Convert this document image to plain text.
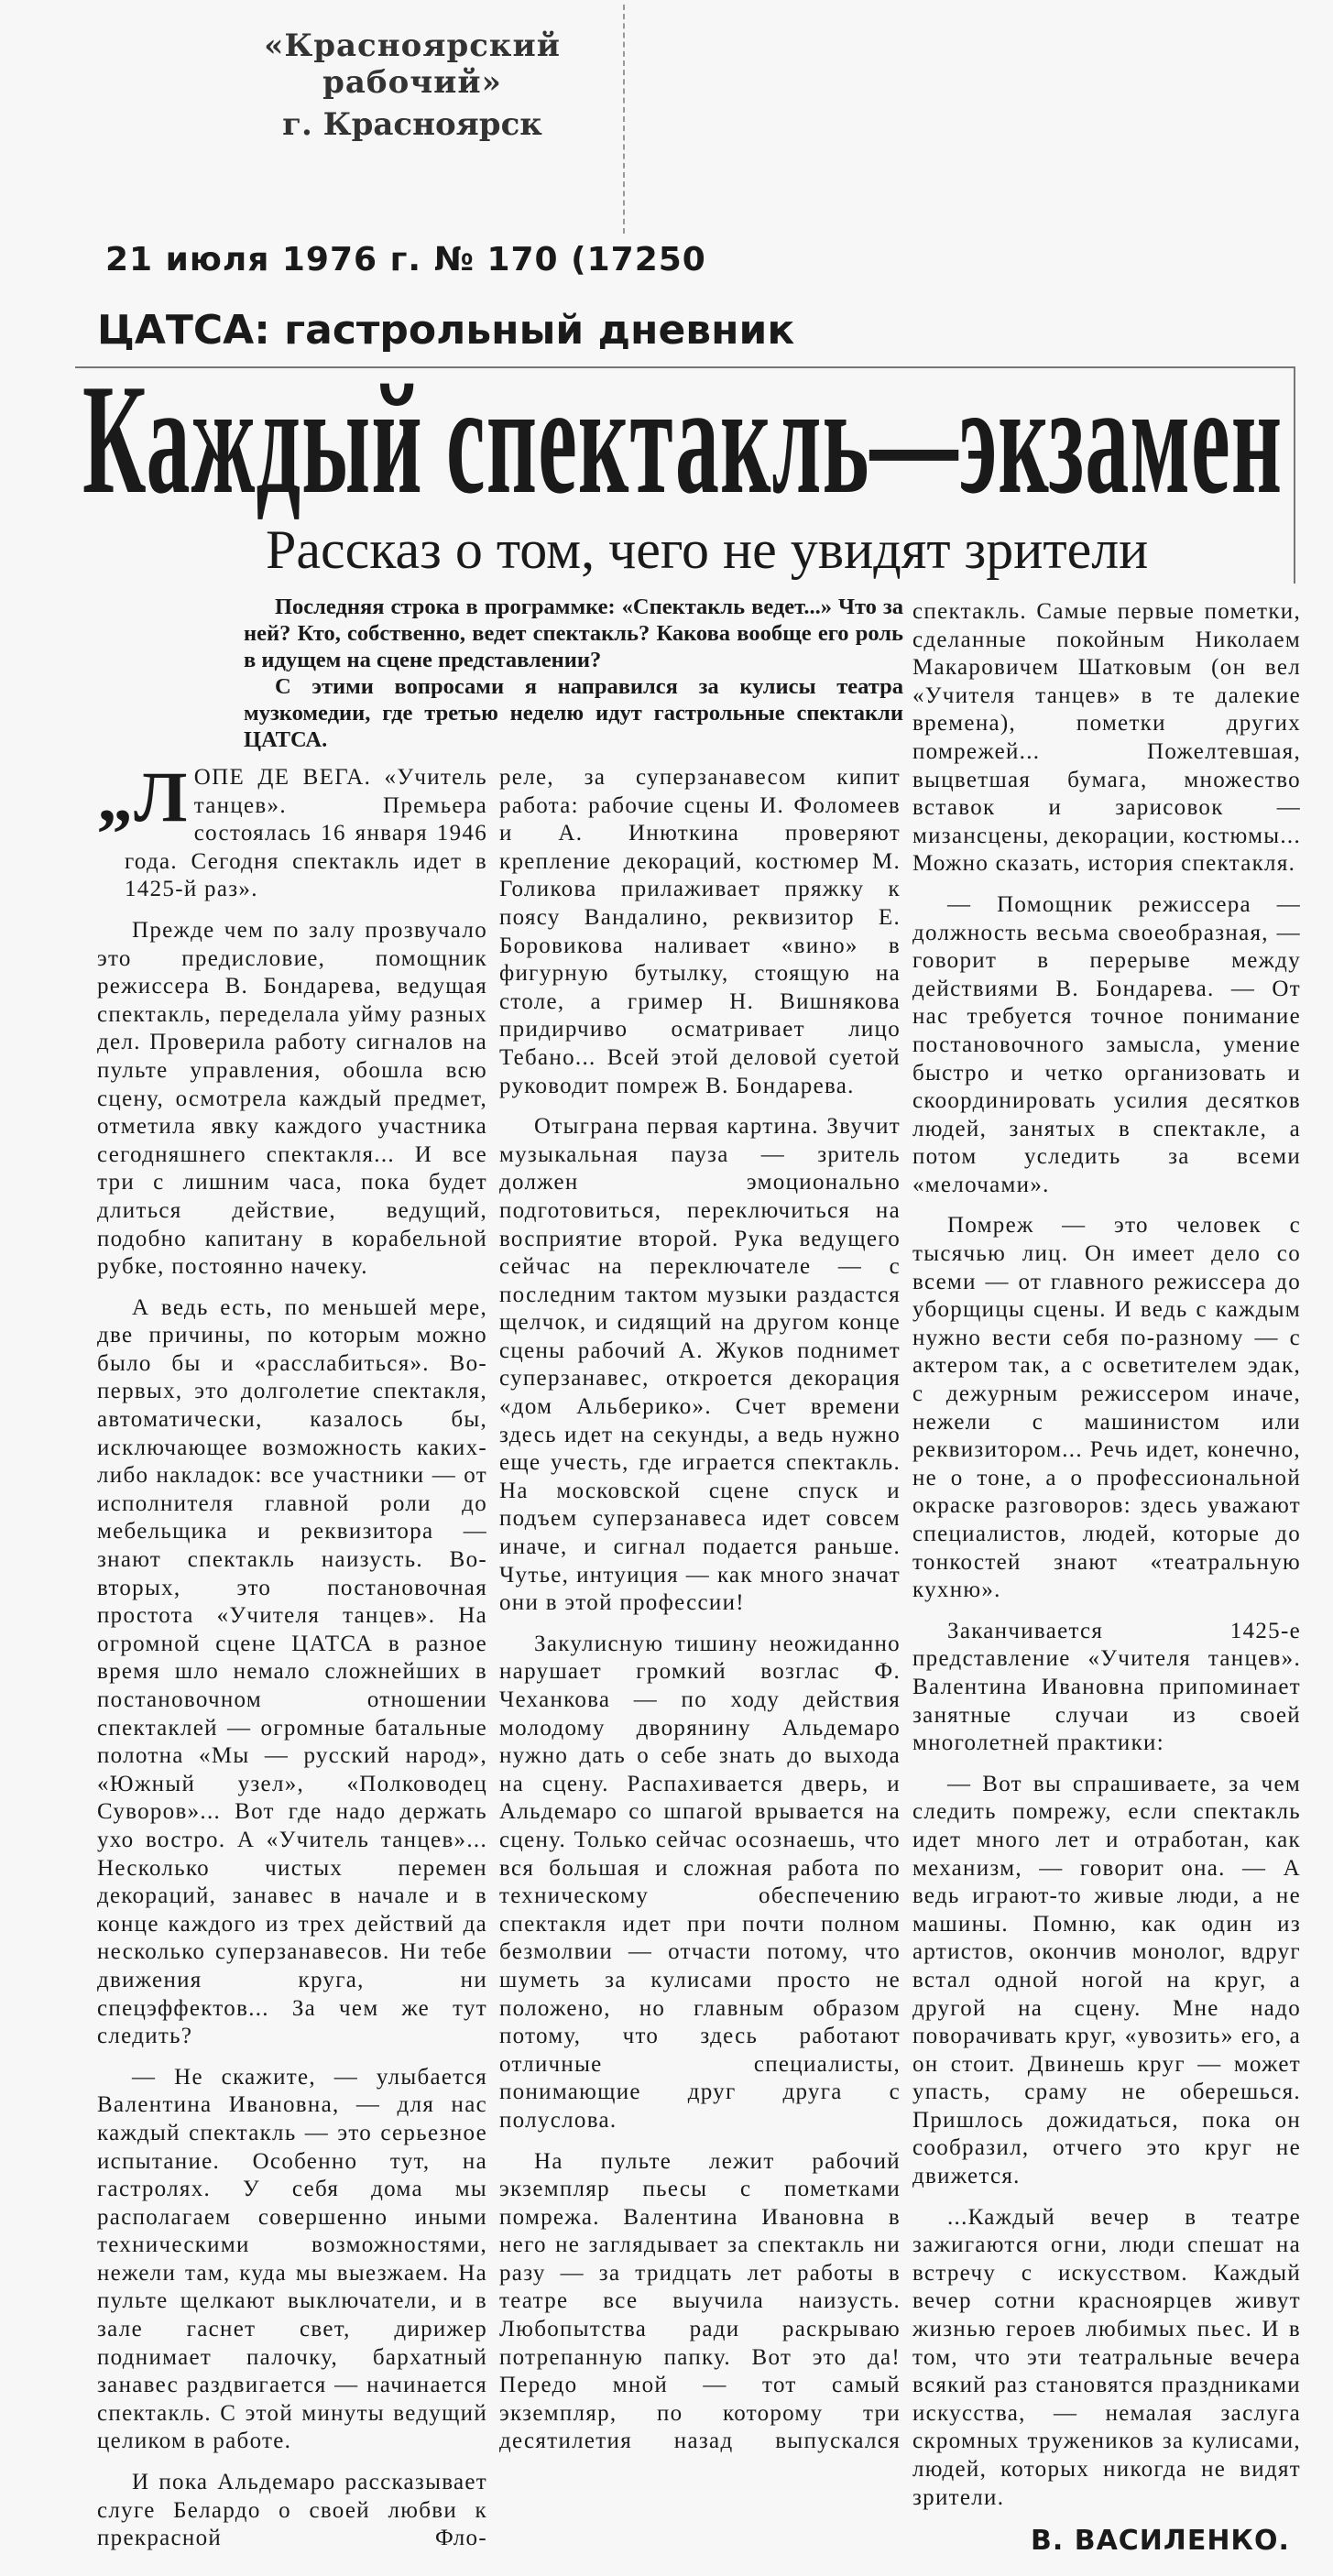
«Красноярский рабочий»
г. Красноярск
21 июля 1976 г. № 170 (17250
ЦАТСА: гастрольный дневник
Каждый спектакль—экзамен
Рассказ о том, чего не увидят зрители

Последняя строка в программке: «Спектакль ведет...» Что за ней? Кто, собственно, ведет спектакль? Какова вообще его роль в идущем на сцене представлении?

С этими вопросами я направился за кулисы театра музкомедии, где третью неделю идут гастрольные спектакли ЦАТСА.

„ЛОПЕ ДЕ ВЕГА. «Учитель танцев». Премьера состоялась 16 января 1946 года. Сегодня спектакль идет в 1425-й раз».

Прежде чем по залу прозвучало это предисловие, помощник режиссера В. Бондарева, ведущая спектакль, переделала уйму разных дел. Проверила работу сигналов на пульте управления, обошла всю сцену, осмотрела каждый предмет, отметила явку каждого участника сегодняшнего спектакля... И все три с лишним часа, пока будет длиться действие, ведущий, подобно капитану в корабельной рубке, постоянно начеку.

А ведь есть, по меньшей мере, две причины, по которым можно было бы и «расслабиться». Во-первых, это долголетие спектакля, автоматически, казалось бы, исключающее возможность каких-либо накладок: все участники — от исполнителя главной роли до мебельщика и реквизитора — знают спектакль наизусть. Во-вторых, это постановочная простота «Учителя танцев». На огромной сцене ЦАТСА в разное время шло немало сложнейших в постановочном отношении спектаклей — огромные батальные полотна «Мы — русский народ», «Южный узел», «Полководец Суворов»... Вот где надо держать ухо востро. А «Учитель танцев»... Несколько чистых перемен декораций, занавес в начале и в конце каждого из трех действий да несколько суперзанавесов. Ни тебе движения круга, ни спецэффектов... За чем же тут следить?

— Не скажите, — улыбается Валентина Ивановна, — для нас каждый спектакль — это серьезное испытание. Особенно тут, на гастролях. У себя дома мы располагаем совершенно иными техническими возможностями, нежели там, куда мы выезжаем. На пульте щелкают выключатели, и в зале гаснет свет, дирижер поднимает палочку, бархатный занавес раздвигается — начинается спектакль. С этой минуты ведущий целиком в работе.

И пока Альдемаро рассказывает слуге Белардо о своей любви к прекрасной Фло-

реле, за суперзанавесом кипит работа: рабочие сцены И. Фоломеев и А. Инюткина проверяют крепление декораций, костюмер М. Голикова прилаживает пряжку к поясу Вандалино, реквизитор Е. Боровикова наливает «вино» в фигурную бутылку, стоящую на столе, а гример Н. Вишнякова придирчиво осматривает лицо Тебано... Всей этой деловой суетой руководит помреж В. Бондарева.

Отыграна первая картина. Звучит музыкальная пауза — зритель должен эмоционально подготовиться, переключиться на восприятие второй. Рука ведущего сейчас на переключателе — с последним тактом музыки раздастся щелчок, и сидящий на другом конце сцены рабочий А. Жуков поднимет суперзанавес, откроется декорация «дом Альберико». Счет времени здесь идет на секунды, а ведь нужно еще учесть, где играется спектакль. На московской сцене спуск и подъем суперзанавеса идет совсем иначе, и сигнал подается раньше. Чутье, интуиция — как много значат они в этой профессии!

Закулисную тишину неожиданно нарушает громкий возглас Ф. Чеханкова — по ходу действия молодому дворянину Альдемаро нужно дать о себе знать до выхода на сцену. Распахивается дверь, и Альдемаро со шпагой врывается на сцену. Только сейчас осознаешь, что вся большая и сложная работа по техническому обеспечению спектакля идет при почти полном безмолвии — отчасти потому, что шуметь за кулисами просто не положено, но главным образом потому, что здесь работают отличные специалисты, понимающие друг друга с полуслова.

На пульте лежит рабочий экземпляр пьесы с пометками помрежа. Валентина Ивановна в него не заглядывает за спектакль ни разу — за тридцать лет работы в театре все выучила наизусть. Любопытства ради раскрываю потрепанную папку. Вот это да! Передо мной — тот самый экземпляр, по которому три десятилетия назад выпускался

спектакль. Самые первые пометки, сделанные покойным Николаем Макаровичем Шатковым (он вел «Учителя танцев» в те далекие времена), пометки других помрежей... Пожелтевшая, выцветшая бумага, множество вставок и зарисовок — мизансцены, декорации, костюмы... Можно сказать, история спектакля.

— Помощник режиссера — должность весьма своеобразная, — говорит в перерыве между действиями В. Бондарева. — От нас требуется точное понимание постановочного замысла, умение быстро и четко организовать и скоординировать усилия десятков людей, занятых в спектакле, а потом уследить за всеми «мелочами».

Помреж — это человек с тысячью лиц. Он имеет дело со всеми — от главного режиссера до уборщицы сцены. И ведь с каждым нужно вести себя по-разному — с актером так, а с осветителем эдак, с дежурным режиссером иначе, нежели с машинистом или реквизитором... Речь идет, конечно, не о тоне, а о профессиональной окраске разговоров: здесь уважают специалистов, людей, которые до тонкостей знают «театральную кухню».

Заканчивается 1425-е представление «Учителя танцев». Валентина Ивановна припоминает занятные случаи из своей многолетней практики:

— Вот вы спрашиваете, за чем следить помрежу, если спектакль идет много лет и отработан, как механизм, — говорит она. — А ведь играют-то живые люди, а не машины. Помню, как один из артистов, окончив монолог, вдруг встал одной ногой на круг, а другой на сцену. Мне надо поворачивать круг, «увозить» его, а он стоит. Двинешь круг — может упасть, сраму не оберешься. Пришлось дожидаться, пока он сообразил, отчего это круг не движется.

...Каждый вечер в театре зажигаются огни, люди спешат на встречу с искусством. Каждый вечер сотни красноярцев живут жизнью героев любимых пьес. И в том, что эти театральные вечера всякий раз становятся праздниками искусства, — немалая заслуга скромных тружеников за кулисами, людей, которых никогда не видят зрители.

В. ВАСИЛЕНКО.
